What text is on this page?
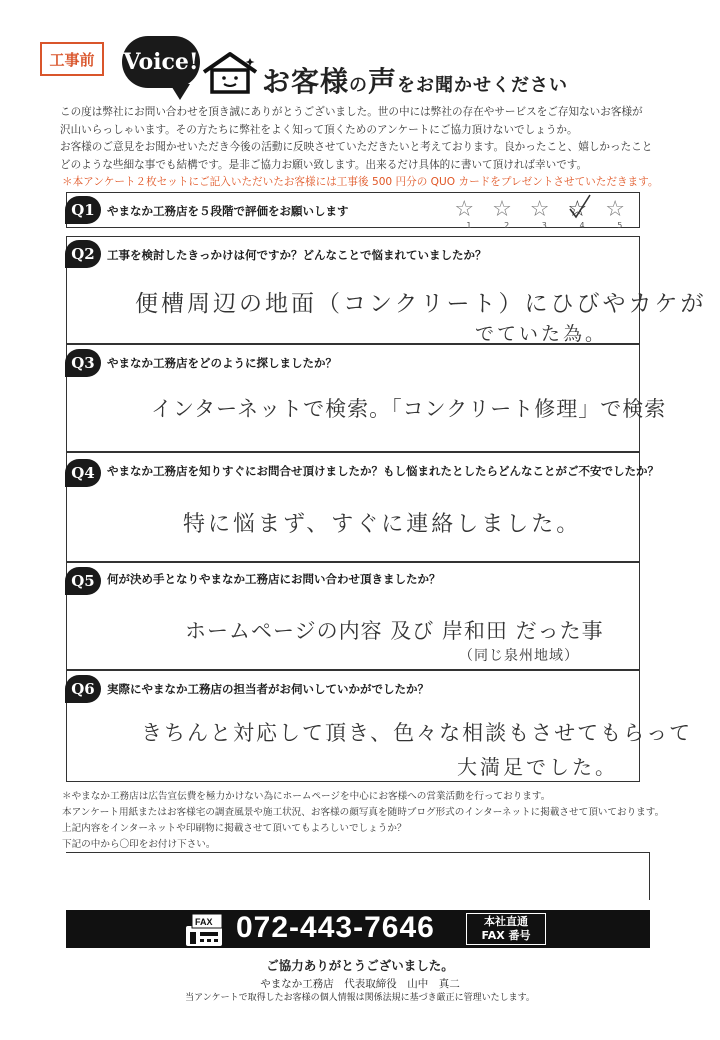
工事前	Voice!
お客様の声をお聞かせください
この度は弊社にお問い合わせを頂き誠にありがとうございました。世の中には弊社の存在やサービスをご存知ないお客様が
沢山いらっしゃいます。その方たちに弊社をよく知って頂くためのアンケートにご協力頂けないでしょうか。
お客様のご意見をお聞かせいただき今後の活動に反映させていただきたいと考えております。良かったこと、嬉しかったこと
どのような些細な事でも結構です。是非ご協力お願い致します。出来るだけ具体的に書いて頂ければ幸いです。
＊本アンケート２枚セットにご記入いただいたお客様には工事後 500 円分の QUO カードをプレゼントさせていただきます。
Q1	やまなか工務店を５段階で評価をお願いします	☆
1
☆
2
☆
3
☆
4
☆
5
Q2	工事を検討したきっかけは何ですか？どんなことで悩まれていましたか？
便槽周辺の地面（コンクリート）にひびやカケが
でていた為。
Q3	やまなか工務店をどのように探しましたか？
インターネットで検索。「コンクリート修理」で検索
Q4	やまなか工務店を知りすぐにお問合せ頂けましたか？もし悩まれたとしたらどんなことがご不安でしたか？
特に悩まず、すぐに連絡しました。
Q5	何が決め手となりやまなか工務店にお問い合わせ頂きましたか？
ホームページの内容 及び 岸和田 だった事
（同じ泉州地域）
Q6	実際にやまなか工務店の担当者がお伺いしていかがでしたか？
きちんと対応して頂き、色々な相談もさせてもらって
大満足でした。
＊やまなか工務店は広告宣伝費を極力かけない為にホームページを中心にお客様への営業活動を行っております。
本アンケート用紙またはお客様宅の調査風景や施工状況、お客様の顔写真を随時ブログ形式のインターネットに掲載させて頂いております。
上記内容をインターネットや印刷物に掲載させて頂いてもよろしいでしょうか？
下記の中から〇印をお付け下さい。
FAX 072-443-7646	本社直通
FAX 番号
ご協力ありがとうございました。
やまなか工務店　代表取締役　山中　真二
当アンケートで取得したお客様の個人情報は関係法規に基づき厳正に管理いたします。
